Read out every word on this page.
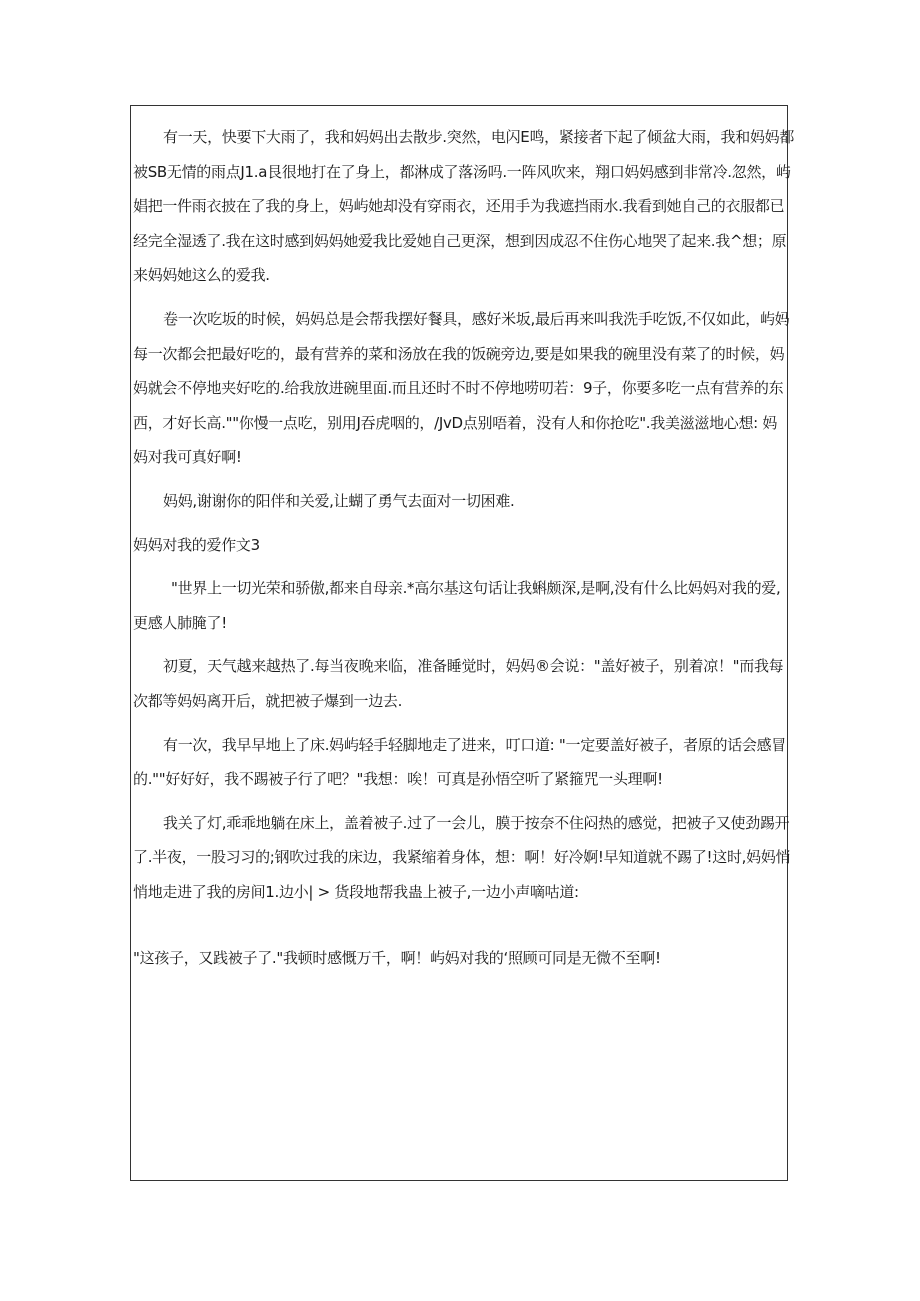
有一天，快要下大雨了，我和妈妈出去散步.突然，电闪E鸣，紧接者下起了倾盆大雨，我和妈妈都
被SB无情的雨点J1.a艮很地打在了身上，都淋成了落汤吗.一阵风吹来，翔口妈妈感到非常冷.忽然，屿
娼把一件雨衣披在了我的身上，妈屿她却没有穿雨衣，还用手为我遮挡雨水.我看到她自己的衣服都已
经完全湿透了.我在这时感到妈妈她爱我比爱她自己更深，想到因成忍不住伤心地哭了起来.我^想；原
来妈妈她这么的爱我.
卷一次吃坂的时候，妈妈总是会帮我摆好餐具，感好米坂,最后再来叫我洗手吃饭,不仅如此，屿妈
每一次都会把最好吃的，最有营养的菜和汤放在我的饭碗旁边,要是如果我的碗里没有菜了的时候，妈
妈就会不停地夹好吃的.给我放进碗里面.而且还时不时不停地唠叨若：9子，你要多吃一点有营养的东
西，才好长高.""你慢一点吃，别用J吞虎咽的，/JvD点别唔着，没有人和你抢吃".我美滋滋地心想: 妈
妈对我可真好啊!
妈妈,谢谢你的阳伴和关爱,让蝴了勇气去面对一切困难.
妈妈对我的爱作文3
"世界上一切光荣和骄傲,都来自母亲.*高尔基这句话让我蝌颇深,是啊,没有什么比妈妈对我的爱,
更感人肺腌了!
初夏，天气越来越热了.每当夜晚来临，准备睡觉时，妈妈®会说："盖好被子，别着凉！"而我每
次都等妈妈离开后，就把被子爆到一边去.
有一次，我早早地上了床.妈屿轻手轻脚地走了进来，叮口道: "一定要盖好被子，者原的话会感冒
的.""好好好，我不踢被子行了吧？"我想：唉！可真是孙悟空听了紧箍咒一头理啊!
我关了灯,乖乖地躺在床上，盖着被子.过了一会儿，膜于按奈不住闷热的感觉，把被子又使劲踢开
了.半夜，一股习习的;钢吹过我的床边，我紧缩着身体，想：啊！好冷婀!早知道就不踢了!这时,妈妈悄
悄地走进了我的房间1.边小| > 货段地帮我蛊上被子,一边小声嘀咕道:
"这孩子，又践被子了."我顿时感慨万千，啊！屿妈对我的‘照顾可同是无微不至啊!
